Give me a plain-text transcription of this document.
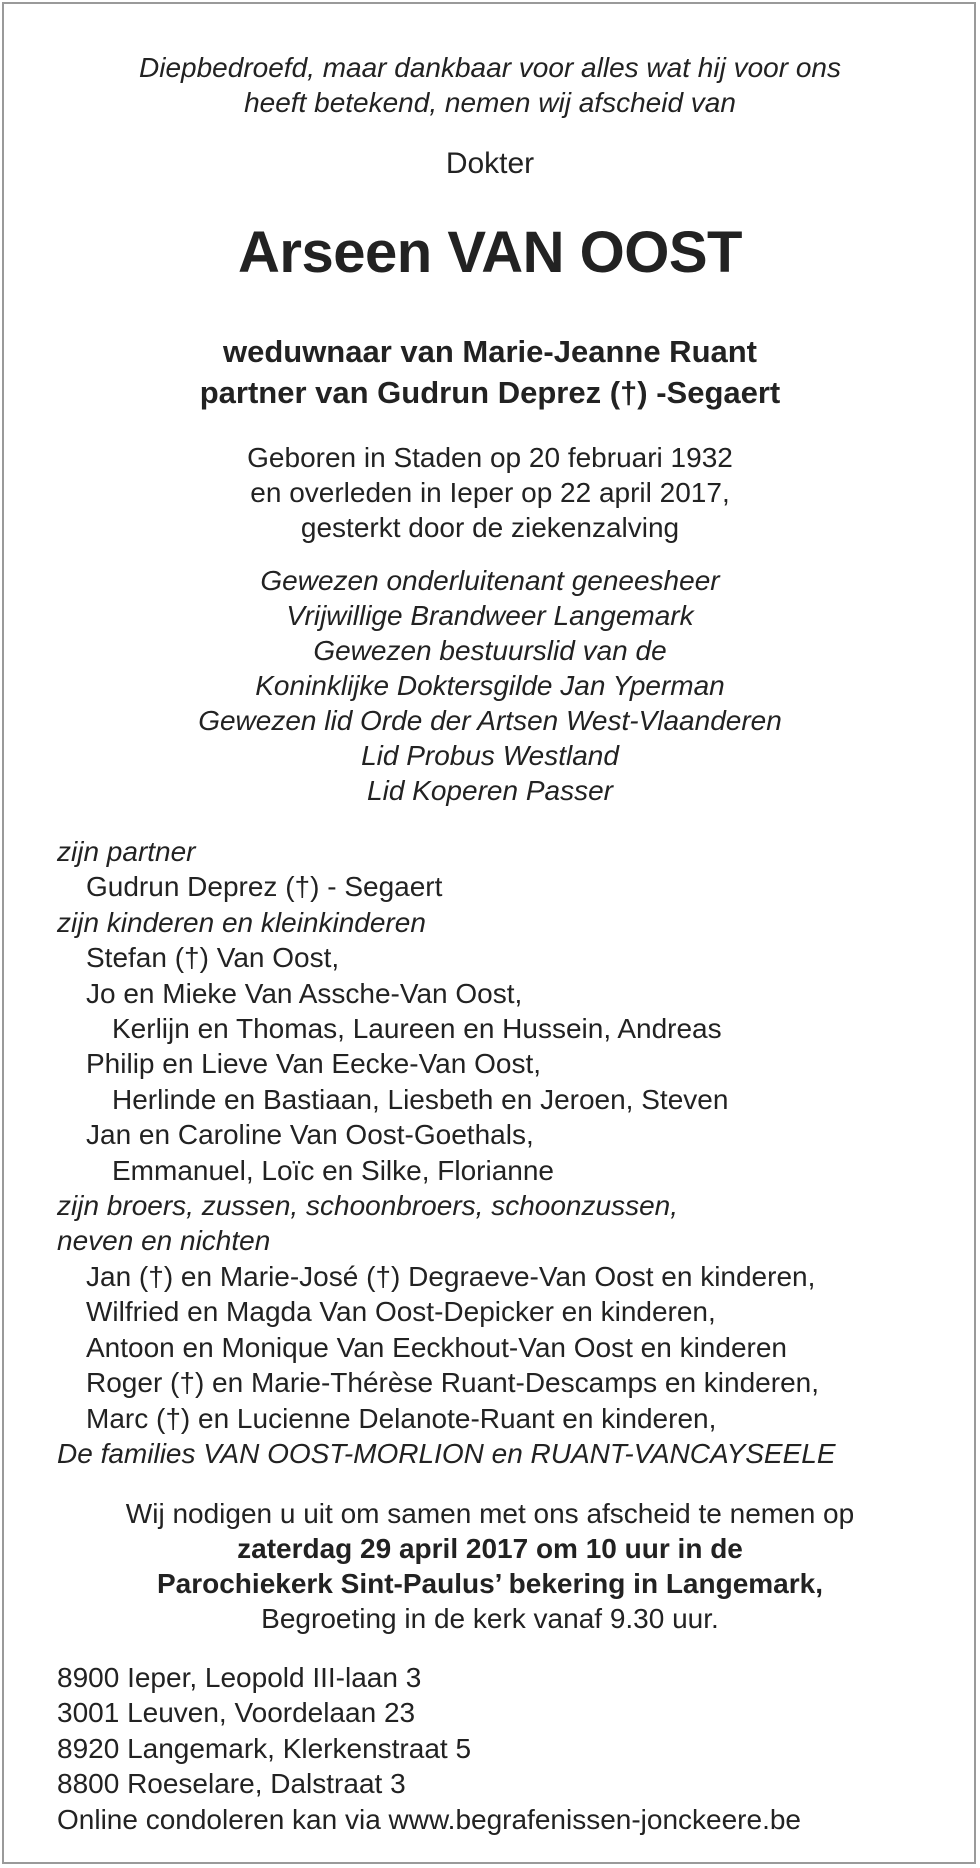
Diepbedroefd, maar dankbaar voor alles wat hij voor ons
heeft betekend, nemen wij afscheid van
Dokter
Arseen VAN OOST
weduwnaar van Marie-Jeanne Ruant
partner van Gudrun Deprez (†) -Segaert
Geboren in Staden op 20 februari 1932
en overleden in Ieper op 22 april 2017,
gesterkt door de ziekenzalving
Gewezen onderluitenant geneesheer
Vrijwillige Brandweer Langemark
Gewezen bestuurslid van de
Koninklijke Doktersgilde Jan Yperman
Gewezen lid Orde der Artsen West-Vlaanderen
Lid Probus Westland
Lid Koperen Passer
zijn partner
Gudrun Deprez (†) - Segaert
zijn kinderen en kleinkinderen
Stefan (†) Van Oost,
Jo en Mieke Van Assche-Van Oost,
Kerlijn en Thomas, Laureen en Hussein, Andreas
Philip en Lieve Van Eecke-Van Oost,
Herlinde en Bastiaan, Liesbeth en Jeroen, Steven
Jan en Caroline Van Oost-Goethals,
Emmanuel, Loïc en Silke, Florianne
zijn broers, zussen, schoonbroers, schoonzussen,
neven en nichten
Jan (†) en Marie-José (†) Degraeve-Van Oost en kinderen,
Wilfried en Magda Van Oost-Depicker en kinderen,
Antoon en Monique Van Eeckhout-Van Oost en kinderen
Roger (†) en Marie-Thérèse Ruant-Descamps en kinderen,
Marc (†) en Lucienne Delanote-Ruant en kinderen,
De families VAN OOST-MORLION en RUANT-VANCAYSEELE
Wij nodigen u uit om samen met ons afscheid te nemen op
zaterdag 29 april 2017 om 10 uur in de
Parochiekerk Sint-Paulus’ bekering in Langemark,
Begroeting in de kerk vanaf 9.30 uur.
8900 Ieper, Leopold III-laan 3
3001 Leuven, Voordelaan 23
8920 Langemark, Klerkenstraat 5
8800 Roeselare, Dalstraat 3
Online condoleren kan via www.begrafenissen-jonckeere.be
